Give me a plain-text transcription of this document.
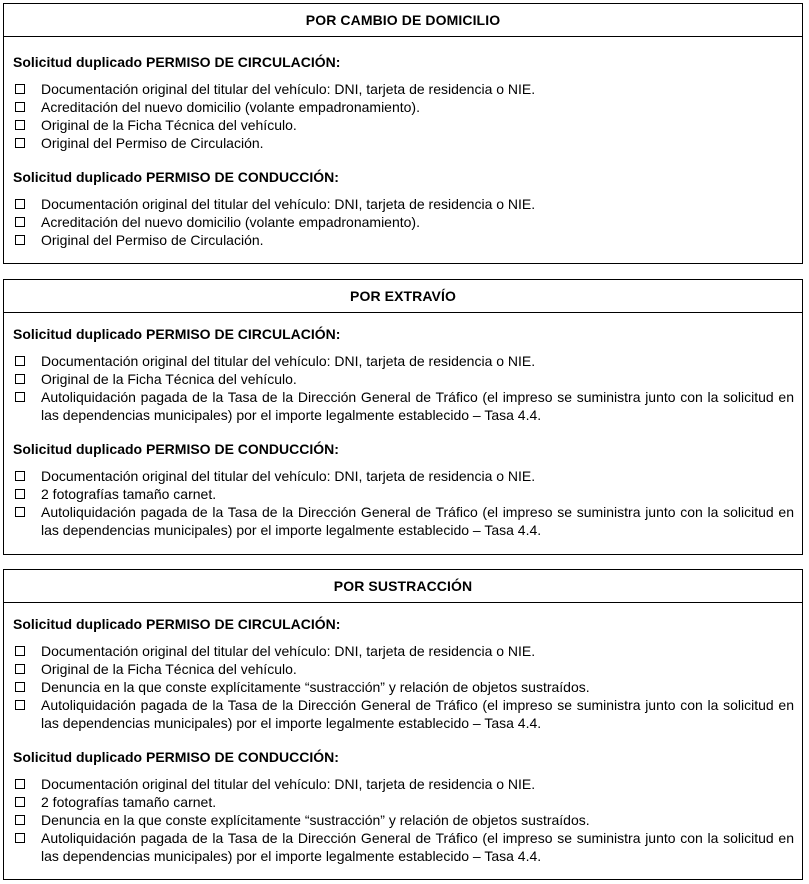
POR CAMBIO DE DOMICILIO
Solicitud duplicado PERMISO DE CIRCULACIÓN:
Documentación original del titular del vehículo: DNI, tarjeta de residencia o NIE.
Acreditación del nuevo domicilio (volante empadronamiento).
Original de la Ficha Técnica del vehículo.
Original del Permiso de Circulación.
Solicitud duplicado PERMISO DE CONDUCCIÓN:
Documentación original del titular del vehículo: DNI, tarjeta de residencia o NIE.
Acreditación del nuevo domicilio (volante empadronamiento).
Original del Permiso de Circulación.
POR EXTRAVÍO
Solicitud duplicado PERMISO DE CIRCULACIÓN:
Documentación original del titular del vehículo: DNI, tarjeta de residencia o NIE.
Original de la Ficha Técnica del vehículo.
Autoliquidación pagada de la Tasa de la Dirección General de Tráfico (el impreso se suministra junto con la solicitud en las dependencias municipales) por el importe legalmente establecido – Tasa 4.4.
Solicitud duplicado PERMISO DE CONDUCCIÓN:
Documentación original del titular del vehículo: DNI, tarjeta de residencia o NIE.
2 fotografías tamaño carnet.
Autoliquidación pagada de la Tasa de la Dirección General de Tráfico (el impreso se suministra junto con la solicitud en las dependencias municipales) por el importe legalmente establecido – Tasa 4.4.
POR SUSTRACCIÓN
Solicitud duplicado PERMISO DE CIRCULACIÓN:
Documentación original del titular del vehículo: DNI, tarjeta de residencia o NIE.
Original de la Ficha Técnica del vehículo.
Denuncia en la que conste explícitamente “sustracción” y relación de objetos sustraídos.
Autoliquidación pagada de la Tasa de la Dirección General de Tráfico (el impreso se suministra junto con la solicitud en las dependencias municipales) por el importe legalmente establecido – Tasa 4.4.
Solicitud duplicado PERMISO DE CONDUCCIÓN:
Documentación original del titular del vehículo: DNI, tarjeta de residencia o NIE.
2 fotografías tamaño carnet.
Denuncia en la que conste explícitamente “sustracción” y relación de objetos sustraídos.
Autoliquidación pagada de la Tasa de la Dirección General de Tráfico (el impreso se suministra junto con la solicitud en las dependencias municipales) por el importe legalmente establecido – Tasa 4.4.
